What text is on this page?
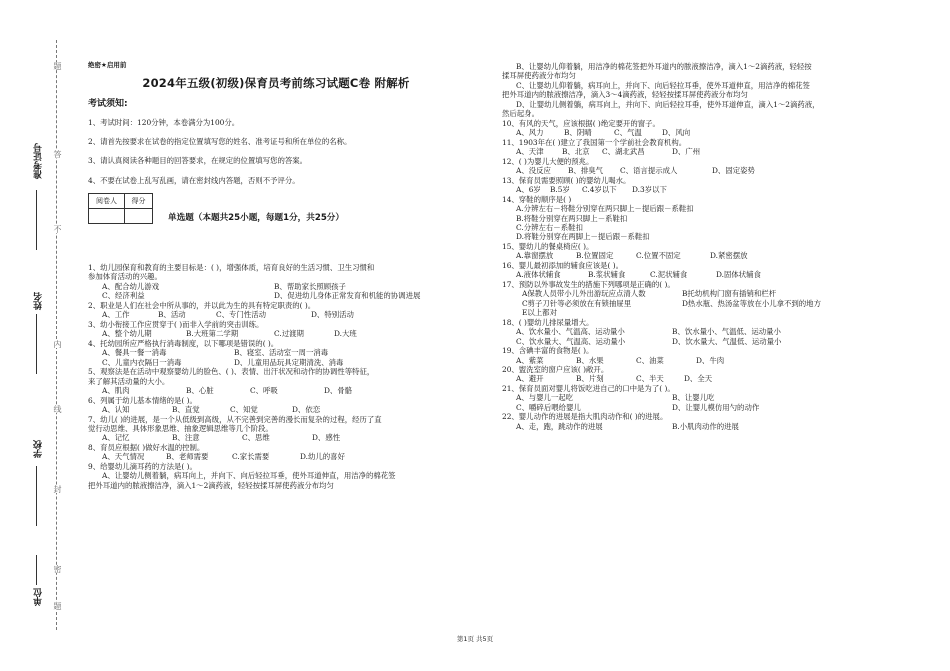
准考证号
姓名
学校
单位
题
答
不
内
线
封
密
题
绝密★启用前
2024年五级(初级)保育员考前练习试题C卷 附解析
考试须知:
1、考试时间：120分钟，本卷满分为100分。
2、请首先按要求在试卷的指定位置填写您的姓名、准考证号和所在单位的名称。
3、请认真阅读各种题目的回答要求，在规定的位置填写您的答案。
4、不要在试卷上乱写乱画，请在密封线内答题，否则不予评分。
阅卷人	得分

单选题（本题共25小题，每题1分，共25分）
1、幼儿园保育和教育的主要目标是：( )，增强体质，培育良好的生活习惯、卫生习惯和
参加体育活动的兴趣。
A、配合幼儿游戏	B、帮助家长照顾孩子
C、经济利益	D、促进幼儿身体正常发育和机能的协调进展
2、职业是人们在社会中所从事的，并以此为生的具有特定职责的( )。
A、工作	B、活动	C、专门性活动	D、特别活动
3、幼小衔接工作应贯穿于( )而非入学前的突击训练。
A、整个幼儿期	B.大班第二学期	C.过渡期	D.大班
4、托幼园所应严格执行消毒制度，以下哪项是错误的( )。
A、餐具一餐一消毒	B、寝室、活动室一周一消毒
C、儿童内衣隔日一消毒	D、儿童用品玩具定期清洗、消毒
5、观察法是在活动中观察婴幼儿的脸色、( )、表情、出汗状况和动作的协调性等特征，
来了解其活动量的大小。
A、肌肉	B、心脏	C、呼吸	D、骨骼
6、列属于幼儿基本情绪的是( )。
A、认知	B、直觉	C、知觉	D、依恋
7、幼儿( )的进展，是一个从低级到高级，从不完善到完善的漫长而复杂的过程，经历了直
觉行动思维、具体形象思维、抽象逻辑思维等几个阶段。
A、记忆	B、注意	C、思维	D、感性
8、育员应根据( )做好水温的控制。
A、天气情况	B、老师需要	C.家长需要	D.幼儿的喜好
9、给婴幼儿滴耳药的方法是( )。
A、让婴幼儿侧着躺，病耳向上，并向下、向后轻拉耳垂，使外耳道伸直，用洁净的棉花签
把外耳道内的脓液擦洁净，滴入1～2滴药液，轻轻按揉耳屏使药液分布均匀
B、让婴幼儿仰着躺，用洁净的棉花签把外耳道内的脓液擦洁净，滴入1～2滴药液，轻轻按
揉耳屏使药液分布均匀
C、让婴幼儿仰着躺，病耳向上，并向下、向后轻拉耳垂，使外耳道伸直，用洁净的棉花签
把外耳道内的脓液擦洁净，滴入3～4滴药液，轻轻按揉耳屏使药液分布均匀
D、让婴幼儿侧着躺，病耳向上，并向下、向后轻拉耳垂，使外耳道伸直，滴入1～2滴药液，
然后起身。
10、有风的天气，应该根据( )绝定要开的窗子。
A、风力	B、阴晴	C、气温	D、风向
11、1903年在( )建立了我国第一个学前社会教育机构。
A、天津	B、北京	C、湖北武昌	D、广州
12、( )为婴儿大便的预兆。
A、没反应	B、排臭气	C、语言提示成人	D、固定姿势
13、保育员需要照顾( )的婴幼儿喝水。
A、6岁	B.5岁	C.4岁以下	D.3岁以下
14、穿鞋的顺序是( )
A.分辨左右－将鞋分别穿在两只脚上－提后跟－系鞋扣
B.将鞋分别穿在两只脚上－系鞋扣
C.分辨左右－系鞋扣
D.将鞋分别穿在两脚上－提后跟－系鞋扣
15、婴幼儿的餐桌椅应( )。
A.靠窗摆放	B.位置固定	C.位置不固定	D.紧密摆放
16、婴儿最初添加的辅食应该是( )。
A.液体状辅食	B.浆状辅食	C.泥状辅食	D.固体状辅食
17、预防以外事故发生的措施下列哪项是正确的( )。
A保教人员带小儿外出游玩应点清人数	B托幼机构门窗有插销和栏杆
C剪子刀针等必须放在有锁抽屉里	D热水瓶、热汤盆等放在小儿拿不到的地方
E以上都对
18、( )婴幼儿排尿量增大。
A、饮水量小、气温高、运动量小	B、饮水量小、气温低、运动量小
C、饮水量大、气温高、运动量小	D、饮水量大、气温低、运动量小
19、含碘丰富的食物是( )。
A、紫菜	B、水果	C、油菜	D、牛肉
20、盥洗室的窗户应该( )敞开。
A、避开	B、片刻	C、半天	D、全天
21、保育员面对婴儿将饭吃进自己的口中是为了( )。
A、与婴儿一起吃	B、让婴儿吃
C、嚼碎后喂给婴儿	D、让婴儿模仿用勺的动作
22、婴儿动作的进展是指大肌肉动作和( )的进展。
A、走，跑，跳动作的进展	B.小肌肉动作的进展
第1页 共5页
